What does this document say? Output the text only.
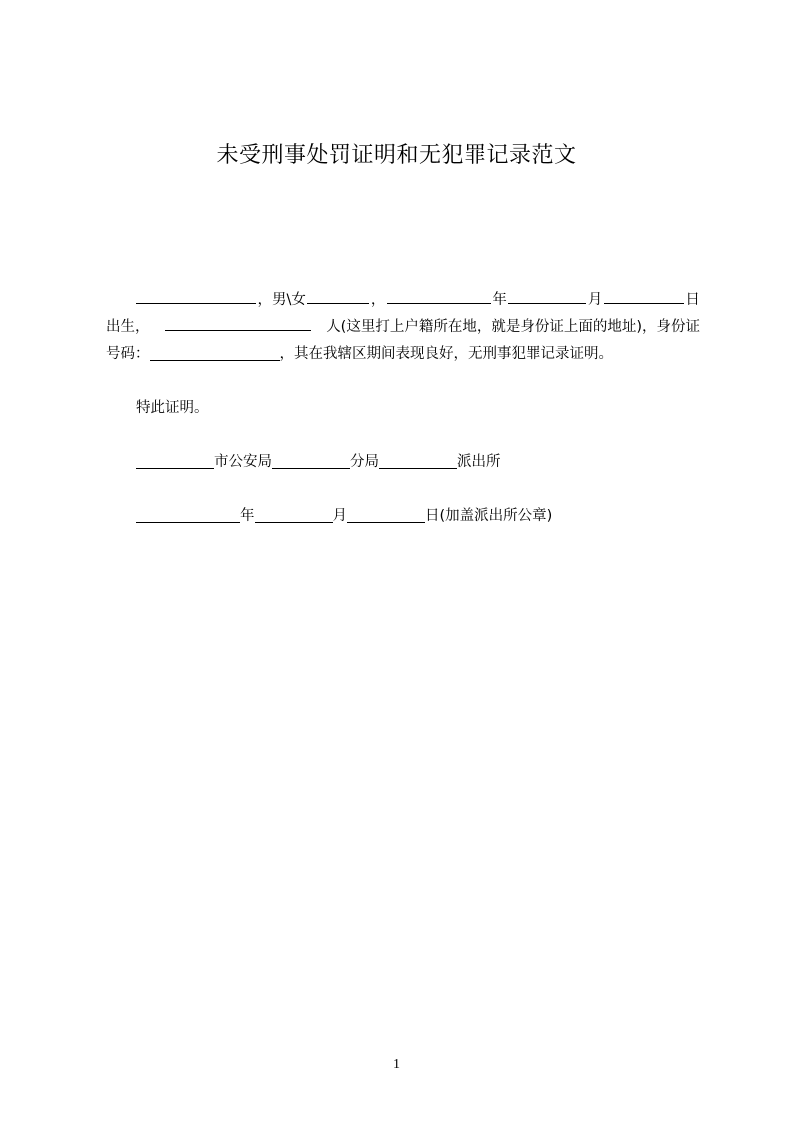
未受刑事处罚证明和无犯罪记录范文
，男\女	，	年	月	日
出生，	人(这里打上户籍所在地，就是身份证上面的地址)，身份证
号码：	，其在我辖区期间表现良好，无刑事犯罪记录证明。
特此证明。
市公安局	分局	派出所
年	月	日(加盖派出所公章)
1
